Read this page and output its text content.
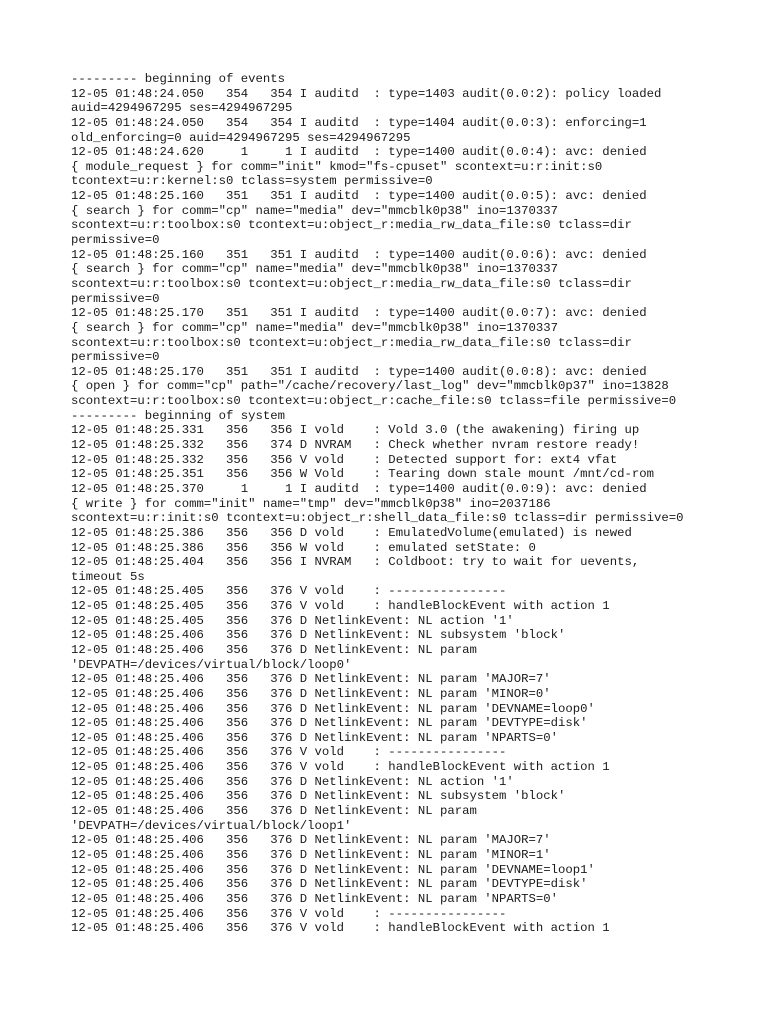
--------- beginning of events
12-05 01:48:24.050   354   354 I auditd  : type=1403 audit(0.0:2): policy loaded
auid=4294967295 ses=4294967295
12-05 01:48:24.050   354   354 I auditd  : type=1404 audit(0.0:3): enforcing=1
old_enforcing=0 auid=4294967295 ses=4294967295
12-05 01:48:24.620     1     1 I auditd  : type=1400 audit(0.0:4): avc: denied
{ module_request } for comm="init" kmod="fs-cpuset" scontext=u:r:init:s0
tcontext=u:r:kernel:s0 tclass=system permissive=0
12-05 01:48:25.160   351   351 I auditd  : type=1400 audit(0.0:5): avc: denied
{ search } for comm="cp" name="media" dev="mmcblk0p38" ino=1370337
scontext=u:r:toolbox:s0 tcontext=u:object_r:media_rw_data_file:s0 tclass=dir
permissive=0
12-05 01:48:25.160   351   351 I auditd  : type=1400 audit(0.0:6): avc: denied
{ search } for comm="cp" name="media" dev="mmcblk0p38" ino=1370337
scontext=u:r:toolbox:s0 tcontext=u:object_r:media_rw_data_file:s0 tclass=dir
permissive=0
12-05 01:48:25.170   351   351 I auditd  : type=1400 audit(0.0:7): avc: denied
{ search } for comm="cp" name="media" dev="mmcblk0p38" ino=1370337
scontext=u:r:toolbox:s0 tcontext=u:object_r:media_rw_data_file:s0 tclass=dir
permissive=0
12-05 01:48:25.170   351   351 I auditd  : type=1400 audit(0.0:8): avc: denied
{ open } for comm="cp" path="/cache/recovery/last_log" dev="mmcblk0p37" ino=13828
scontext=u:r:toolbox:s0 tcontext=u:object_r:cache_file:s0 tclass=file permissive=0
--------- beginning of system
12-05 01:48:25.331   356   356 I vold    : Vold 3.0 (the awakening) firing up
12-05 01:48:25.332   356   374 D NVRAM   : Check whether nvram restore ready!
12-05 01:48:25.332   356   356 V vold    : Detected support for: ext4 vfat
12-05 01:48:25.351   356   356 W Vold    : Tearing down stale mount /mnt/cd-rom
12-05 01:48:25.370     1     1 I auditd  : type=1400 audit(0.0:9): avc: denied
{ write } for comm="init" name="tmp" dev="mmcblk0p38" ino=2037186
scontext=u:r:init:s0 tcontext=u:object_r:shell_data_file:s0 tclass=dir permissive=0
12-05 01:48:25.386   356   356 D vold    : EmulatedVolume(emulated) is newed
12-05 01:48:25.386   356   356 W vold    : emulated setState: 0
12-05 01:48:25.404   356   356 I NVRAM   : Coldboot: try to wait for uevents,
timeout 5s
12-05 01:48:25.405   356   376 V vold    : ----------------
12-05 01:48:25.405   356   376 V vold    : handleBlockEvent with action 1
12-05 01:48:25.405   356   376 D NetlinkEvent: NL action '1'
12-05 01:48:25.406   356   376 D NetlinkEvent: NL subsystem 'block'
12-05 01:48:25.406   356   376 D NetlinkEvent: NL param
'DEVPATH=/devices/virtual/block/loop0'
12-05 01:48:25.406   356   376 D NetlinkEvent: NL param 'MAJOR=7'
12-05 01:48:25.406   356   376 D NetlinkEvent: NL param 'MINOR=0'
12-05 01:48:25.406   356   376 D NetlinkEvent: NL param 'DEVNAME=loop0'
12-05 01:48:25.406   356   376 D NetlinkEvent: NL param 'DEVTYPE=disk'
12-05 01:48:25.406   356   376 D NetlinkEvent: NL param 'NPARTS=0'
12-05 01:48:25.406   356   376 V vold    : ----------------
12-05 01:48:25.406   356   376 V vold    : handleBlockEvent with action 1
12-05 01:48:25.406   356   376 D NetlinkEvent: NL action '1'
12-05 01:48:25.406   356   376 D NetlinkEvent: NL subsystem 'block'
12-05 01:48:25.406   356   376 D NetlinkEvent: NL param
'DEVPATH=/devices/virtual/block/loop1'
12-05 01:48:25.406   356   376 D NetlinkEvent: NL param 'MAJOR=7'
12-05 01:48:25.406   356   376 D NetlinkEvent: NL param 'MINOR=1'
12-05 01:48:25.406   356   376 D NetlinkEvent: NL param 'DEVNAME=loop1'
12-05 01:48:25.406   356   376 D NetlinkEvent: NL param 'DEVTYPE=disk'
12-05 01:48:25.406   356   376 D NetlinkEvent: NL param 'NPARTS=0'
12-05 01:48:25.406   356   376 V vold    : ----------------
12-05 01:48:25.406   356   376 V vold    : handleBlockEvent with action 1
